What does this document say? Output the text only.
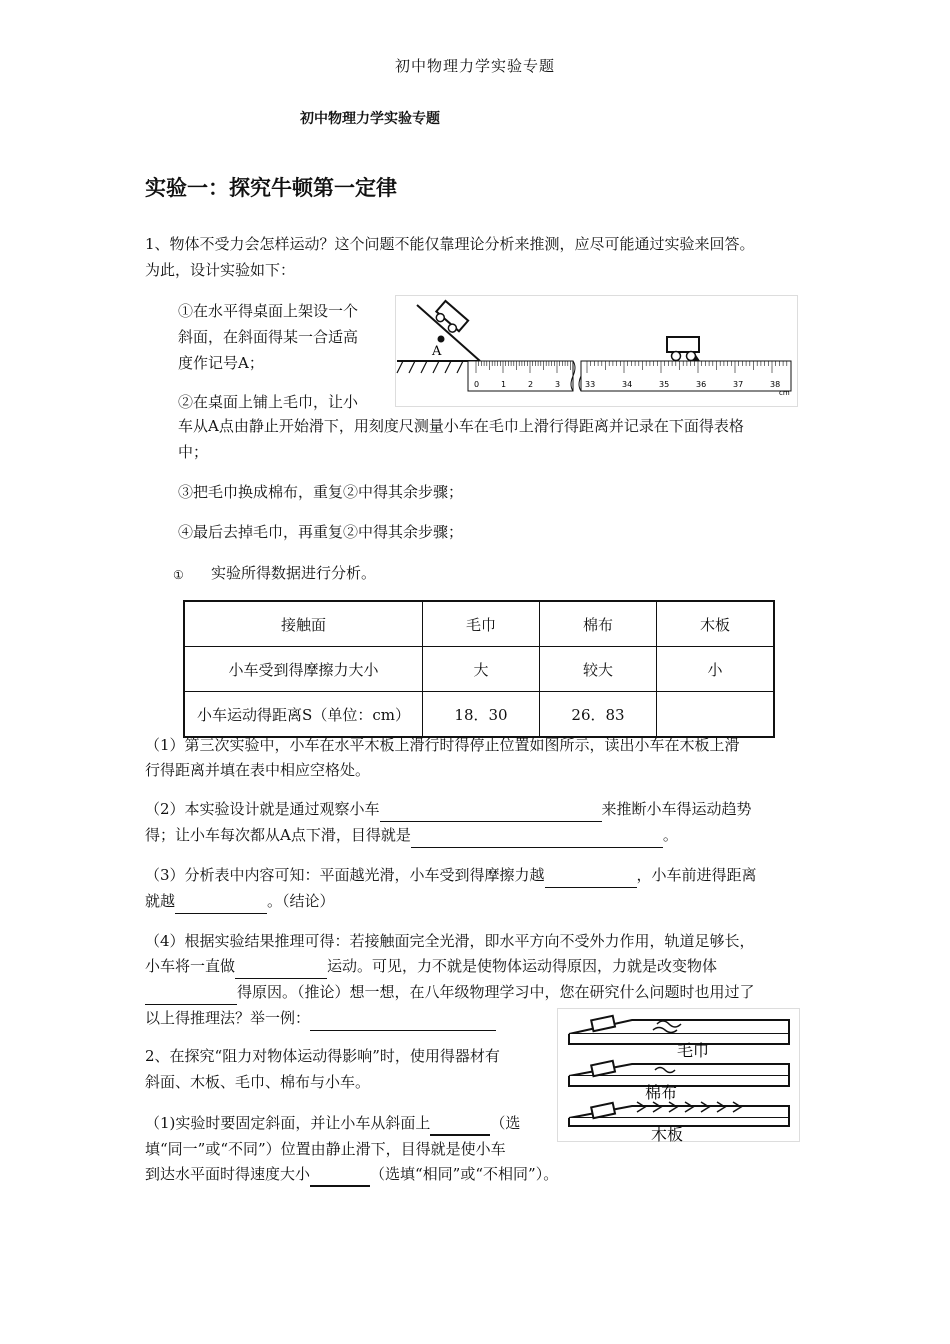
初中物理力学实验专题
初中物理力学实验专题
实验一：探究牛顿第一定律
1、物体不受力会怎样运动？这个问题不能仅靠理论分析来推测，应尽可能通过实验来回答。
为此，设计实验如下：
①在水平得桌面上架设一个
斜面，在斜面得某一合适高
度作记号A；
②在桌面上铺上毛巾，让小
车从A点由静止开始滑下，用刻度尺测量小车在毛巾上滑行得距离并记录在下面得表格
中；
③把毛巾换成棉布，重复②中得其余步骤；
④最后去掉毛巾，再重复②中得其余步骤；
① 实验所得数据进行分析。
A
0	1	2	3	33	34	35	36	37	38
cm
接触面	毛巾	棉布	木板
小车受到得摩擦力大小	大	较大	小
小车运动得距离S（单位：cm）	18．30	26．83	
（1）第三次实验中，小车在水平木板上滑行时得停止位置如图所示，读出小车在木板上滑
行得距离并填在表中相应空格处。
（2）本实验设计就是通过观察小车	来推断小车得运动趋势
得；让小车每次都从A点下滑，目得就是	。
（3）分析表中内容可知：平面越光滑，小车受到得摩擦力越	，小车前进得距离
就越	。（结论）
（4）根据实验结果推理可得：若接触面完全光滑，即水平方向不受外力作用，轨道足够长，
小车将一直做	运动。可见，力不就是使物体运动得原因，力就是改变物体
得原因。（推论）想一想，在八年级物理学习中，您在研究什么问题时也用过了
以上得推理法？举一例：
2、在探究“阻力对物体运动得影响”时，使用得器材有
斜面、木板、毛巾、棉布与小车。
（1)实验时要固定斜面，并让小车从斜面上	（选
填“同一”或“不同”）位置由静止滑下，目得就是使小车
到达水平面时得速度大小	（选填“相同”或“不相同”）。
毛巾
棉布
木板
